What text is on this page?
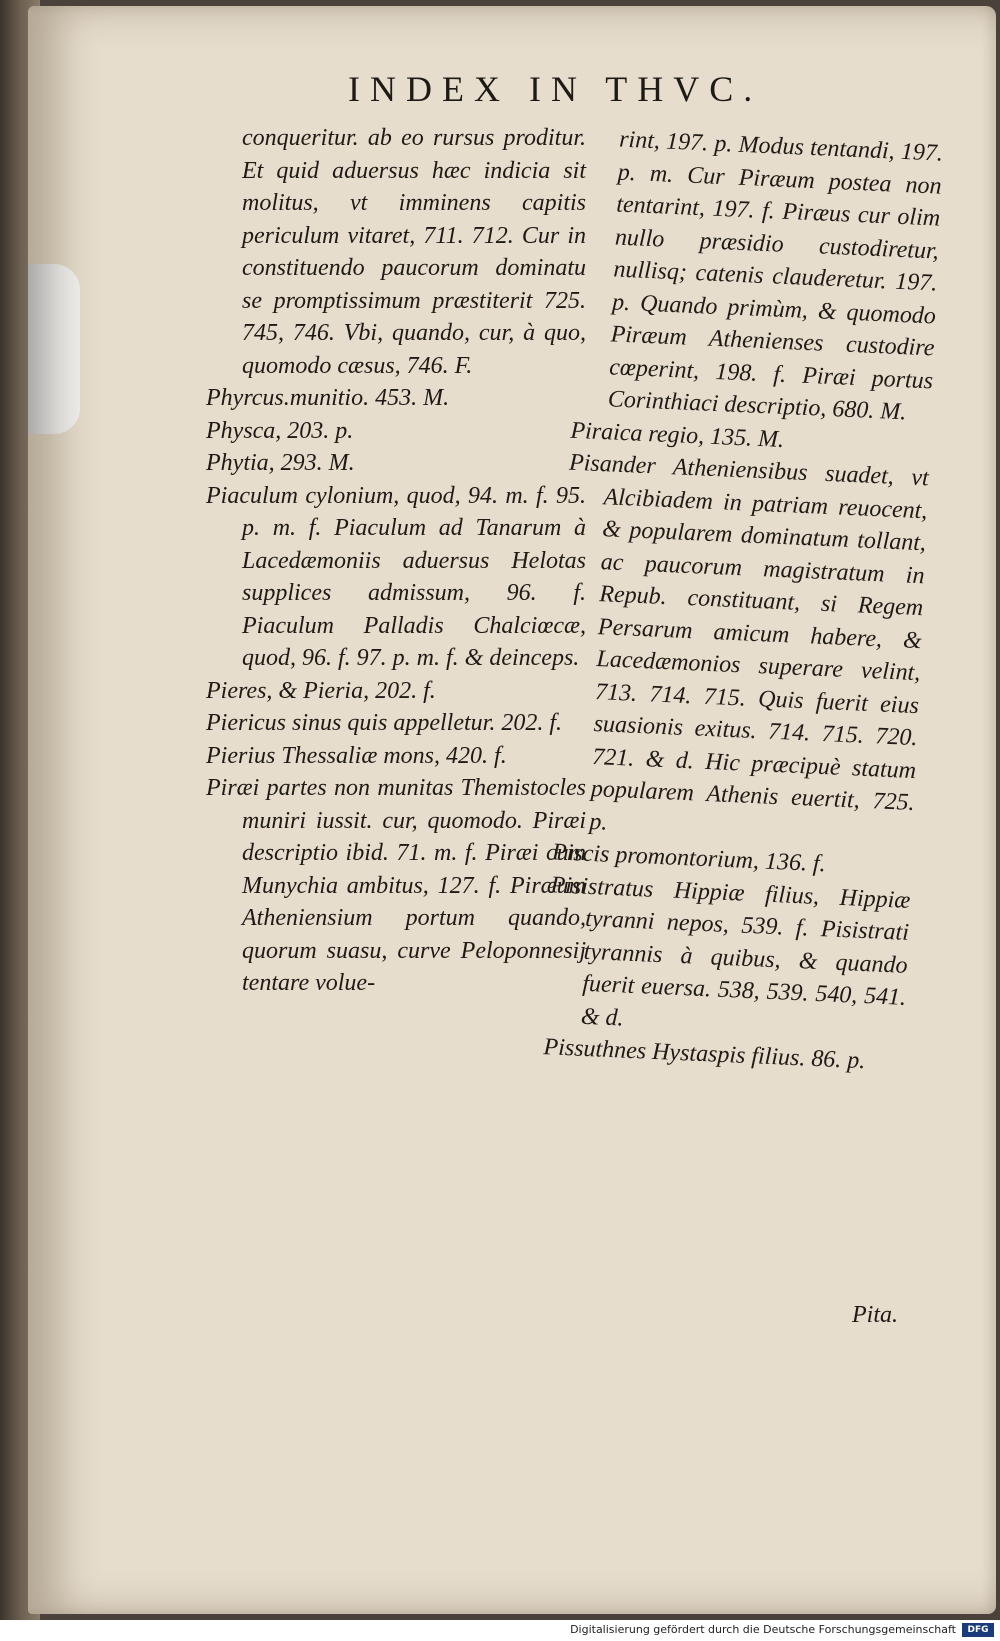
INDEX IN THVC.

conqueritur. ab eo rursus proditur. Et quid aduersus hæc indicia sit molitus, vt imminens capitis periculum vitaret, 711. 712. Cur in constituendo paucorum dominatu se promptissimum præstiterit 725. 745, 746. Vbi, quando, cur, à quo, quomodo cæsus, 746. F.

Phyrcus.munitio. 453. M.

Physca, 203. p.

Phytia, 293. M.

Piaculum cylonium, quod, 94. m. f. 95. p. m. f. Piaculum ad Tanarum à Lacedæmoniis aduersus Helotas supplices admissum, 96. f. Piaculum Palladis Chalciœcæ, quod, 96. f. 97. p. m. f. & deinceps.

Pieres, & Pieria, 202. f.

Piericus sinus quis appelletur. 202. f.

Pierius Thessaliæ mons, 420. f.

Piræi partes non munitas Themistocles muniri iussit. cur, quomodo. Piræi descriptio ibid. 71. m. f. Piræi cum Munychia ambitus, 127. f. Piræum Atheniensium portum quando, quorum suasu, curve Peloponnesij tentare volue-

rint, 197. p. Modus tentandi, 197. p. m. Cur Piræum postea non tentarint, 197. f. Piræus cur olim nullo præsidio custodiretur, nullisq; catenis clauderetur. 197. p. Quando primùm, & quomodo Piræum Athenienses custodire cœperint, 198. f. Piræi portus Corinthiaci descriptio, 680. M.

Piraica regio, 135. M.

Pisander Atheniensibus suadet, vt Alcibiadem in patriam reuocent, & popularem dominatum tollant, ac paucorum magistratum in Repub. constituant, si Regem Persarum amicum habere, & Lacedæmonios superare velint, 713. 714. 715. Quis fuerit eius suasionis exitus. 714. 715. 720. 721. & d. Hic præcipuè statum popularem Athenis euertit, 725. p.

Piscis promontorium, 136. f.

Pisistratus Hippiæ filius, Hippiæ tyranni nepos, 539. f. Pisistrati tyrannis à quibus, & quando fuerit euersa. 538, 539. 540, 541. & d.

Pissuthnes Hystaspis filius. 86. p.

Pita.
Digitalisierung gefördert durch die Deutsche Forschungsgemeinschaft	DFG
